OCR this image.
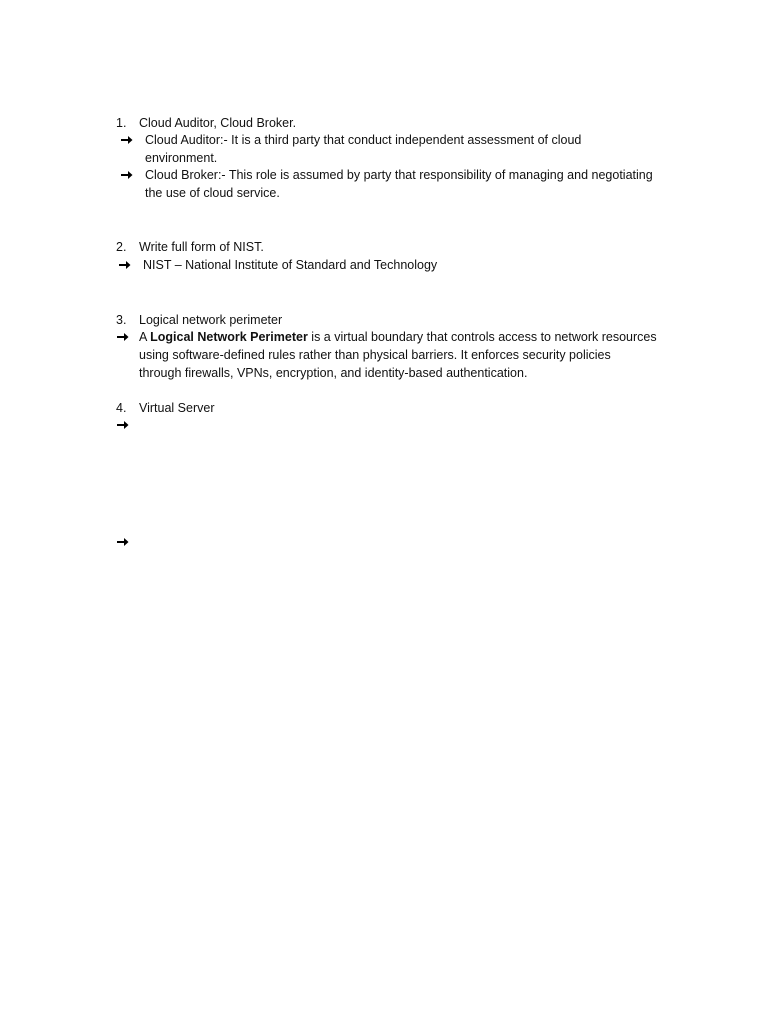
1. Cloud Auditor, Cloud Broker.
Cloud Auditor:- It is a third party that conduct independent assessment of cloud
environment.
Cloud Broker:- This role is assumed by party that responsibility of managing and negotiating
the use of cloud service.
2. Write full form of NIST.
NIST – National Institute of Standard and Technology
3. Logical network perimeter
A Logical Network Perimeter is a virtual boundary that controls access to network resources
using software-defined rules rather than physical barriers. It enforces security policies
through firewalls, VPNs, encryption, and identity-based authentication.
4. Virtual Server
